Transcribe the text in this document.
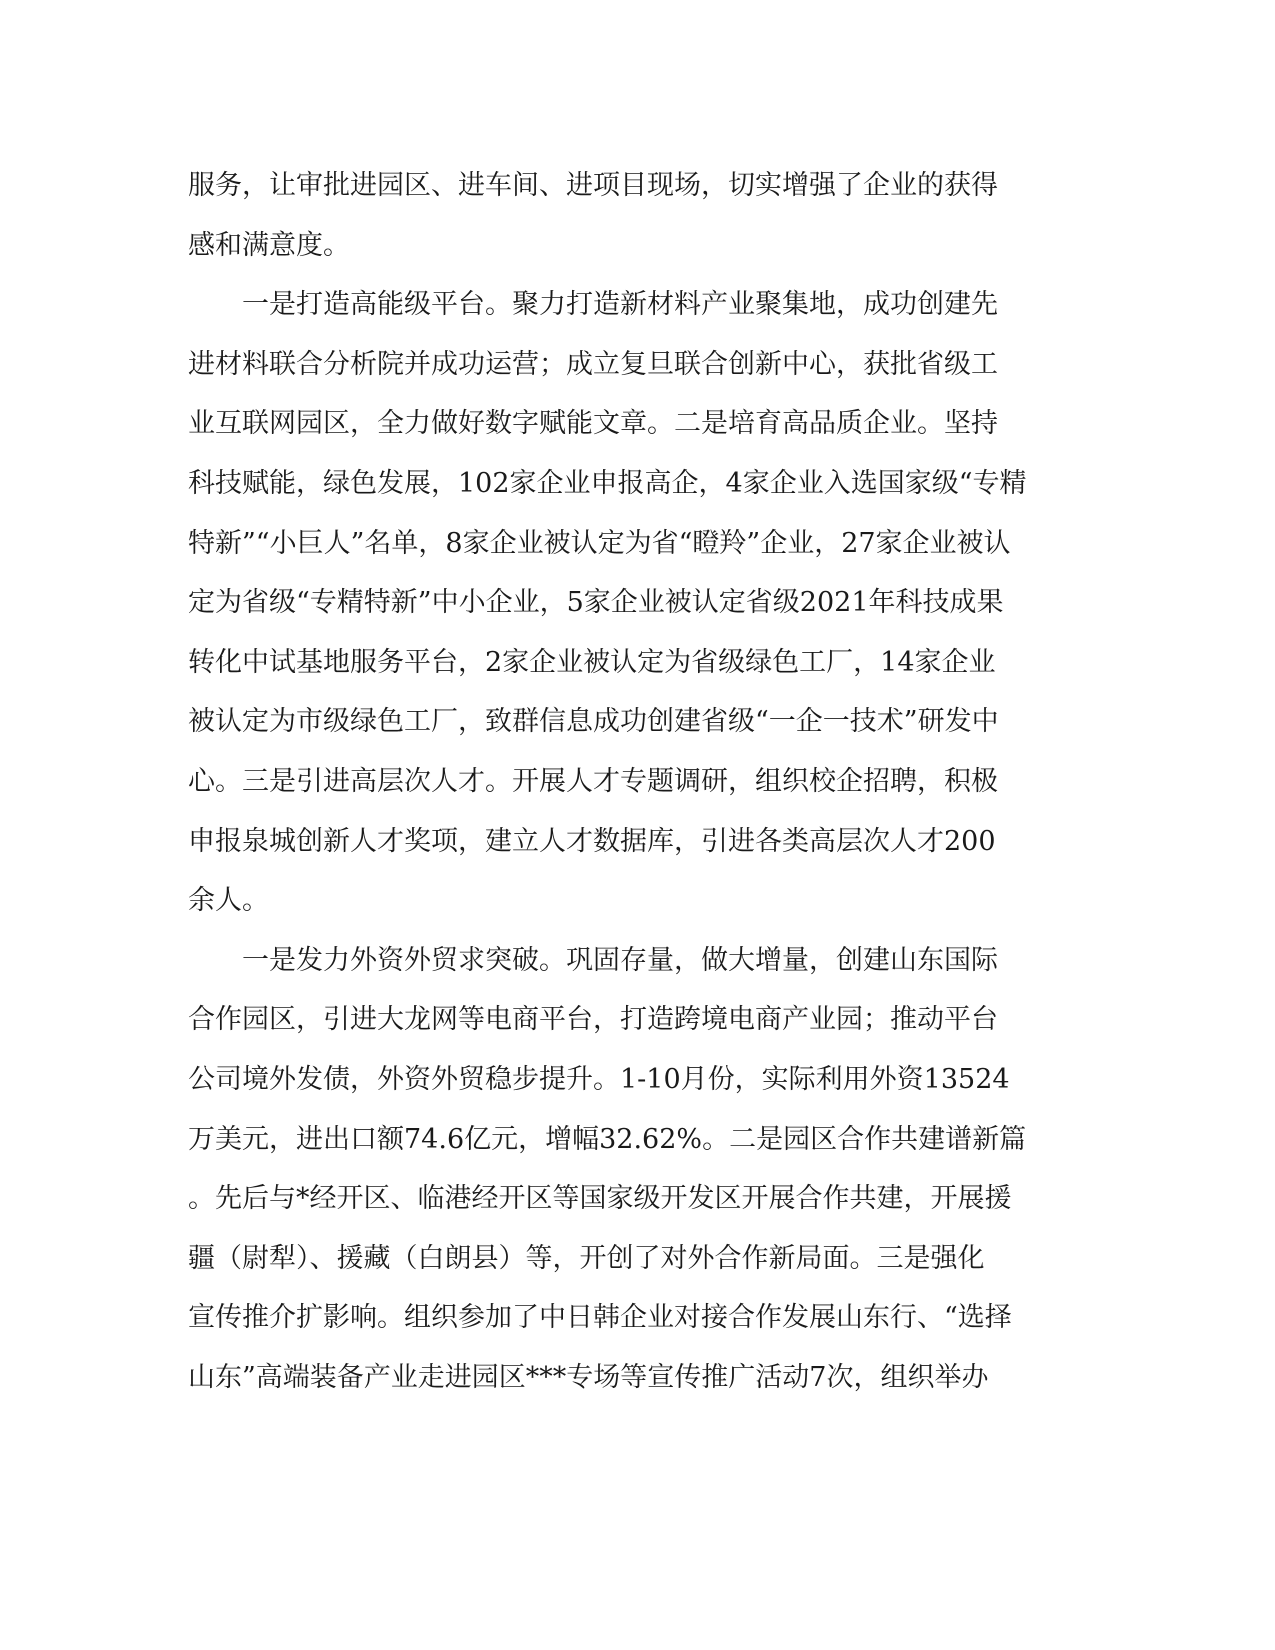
服务，让审批进园区、进车间、进项目现场，切实增强了企业的获得
感和满意度。
　　一是打造高能级平台。聚力打造新材料产业聚集地，成功创建先
进材料联合分析院并成功运营；成立复旦联合创新中心，获批省级工
业互联网园区，全力做好数字赋能文章。二是培育高品质企业。坚持
科技赋能，绿色发展，102家企业申报高企，4家企业入选国家级“专精
特新”“小巨人”名单，8家企业被认定为省“瞪羚”企业，27家企业被认
定为省级“专精特新”中小企业，5家企业被认定省级2021年科技成果
转化中试基地服务平台，2家企业被认定为省级绿色工厂，14家企业
被认定为市级绿色工厂，致群信息成功创建省级“一企一技术”研发中
心。三是引进高层次人才。开展人才专题调研，组织校企招聘，积极
申报泉城创新人才奖项，建立人才数据库，引进各类高层次人才200
余人。
　　一是发力外资外贸求突破。巩固存量，做大增量，创建山东国际
合作园区，引进大龙网等电商平台，打造跨境电商产业园；推动平台
公司境外发债，外资外贸稳步提升。1-10月份，实际利用外资13524
万美元，进出口额74.6亿元，增幅32.62%。二是园区合作共建谱新篇
。先后与*经开区、临港经开区等国家级开发区开展合作共建，开展援
疆（尉犁）、援藏（白朗县）等，开创了对外合作新局面。三是强化
宣传推介扩影响。组织参加了中日韩企业对接合作发展山东行、“选择
山东”高端装备产业走进园区***专场等宣传推广活动7次，组织举办
